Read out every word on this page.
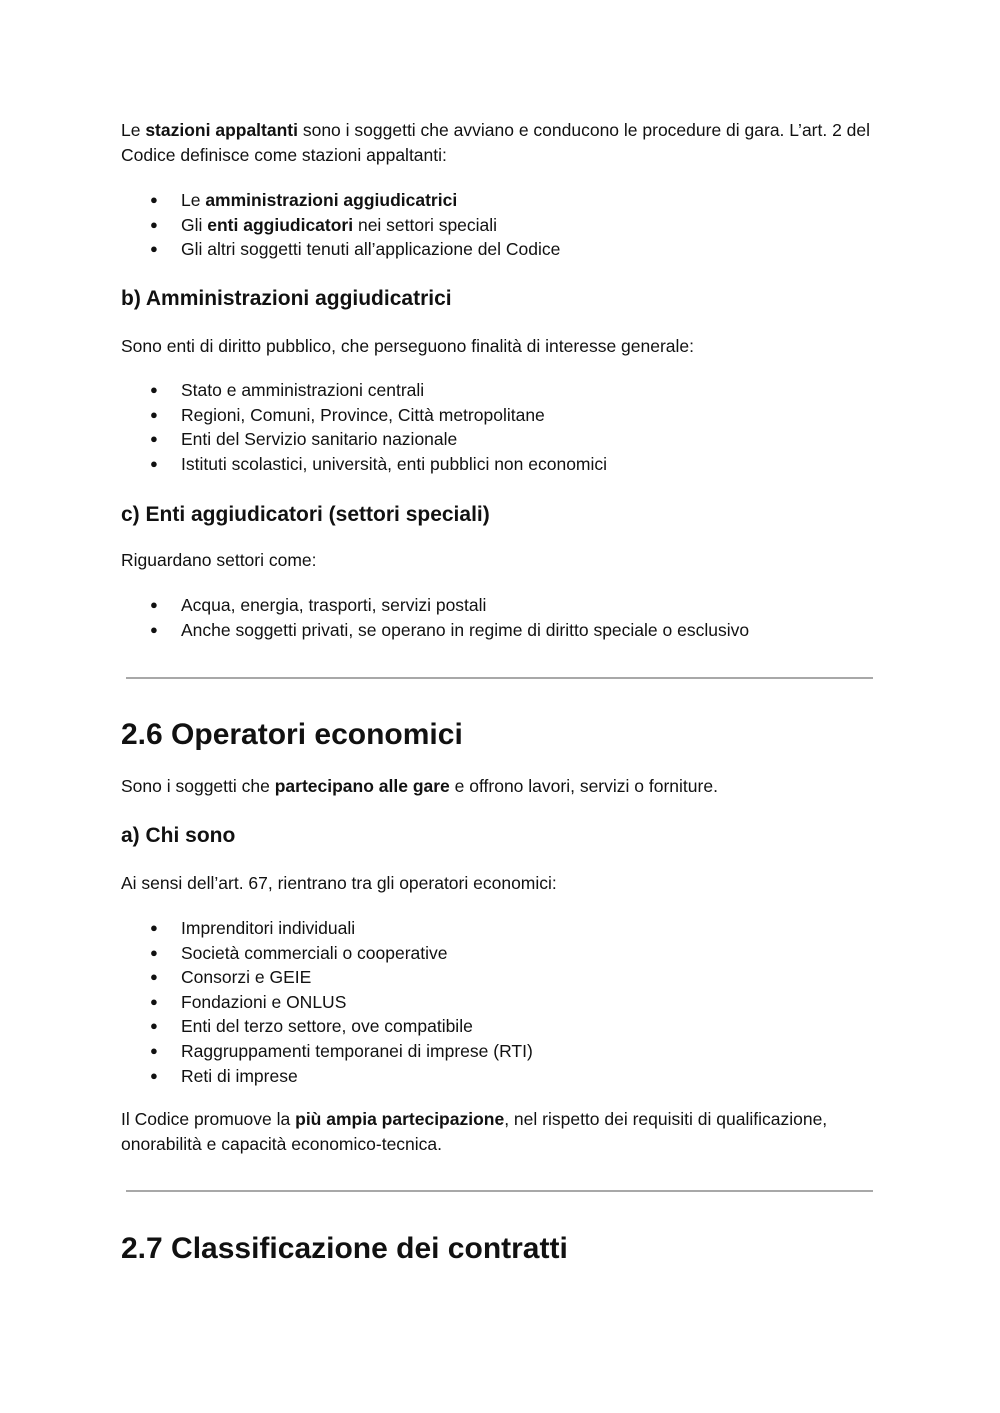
Le stazioni appaltanti sono i soggetti che avviano e conducono le procedure di gara. L’art. 2 del Codice definisce come stazioni appaltanti:

● Le amministrazioni aggiudicatrici
● Gli enti aggiudicatori nei settori speciali
● Gli altri soggetti tenuti all’applicazione del Codice
b) Amministrazioni aggiudicatrici

Sono enti di diritto pubblico, che perseguono finalità di interesse generale:

● Stato e amministrazioni centrali
● Regioni, Comuni, Province, Città metropolitane
● Enti del Servizio sanitario nazionale
● Istituti scolastici, università, enti pubblici non economici
c) Enti aggiudicatori (settori speciali)

Riguardano settori come:

● Acqua, energia, trasporti, servizi postali
● Anche soggetti privati, se operano in regime di diritto speciale o esclusivo
2.6 Operatori economici

Sono i soggetti che partecipano alle gare e offrono lavori, servizi o forniture.

a) Chi sono

Ai sensi dell’art. 67, rientrano tra gli operatori economici:

● Imprenditori individuali
● Società commerciali o cooperative
● Consorzi e GEIE
● Fondazioni e ONLUS
● Enti del terzo settore, ove compatibile
● Raggruppamenti temporanei di imprese (RTI)
● Reti di imprese

Il Codice promuove la più ampia partecipazione, nel rispetto dei requisiti di qualificazione, onorabilità e capacità economico-tecnica.

2.7 Classificazione dei contratti
